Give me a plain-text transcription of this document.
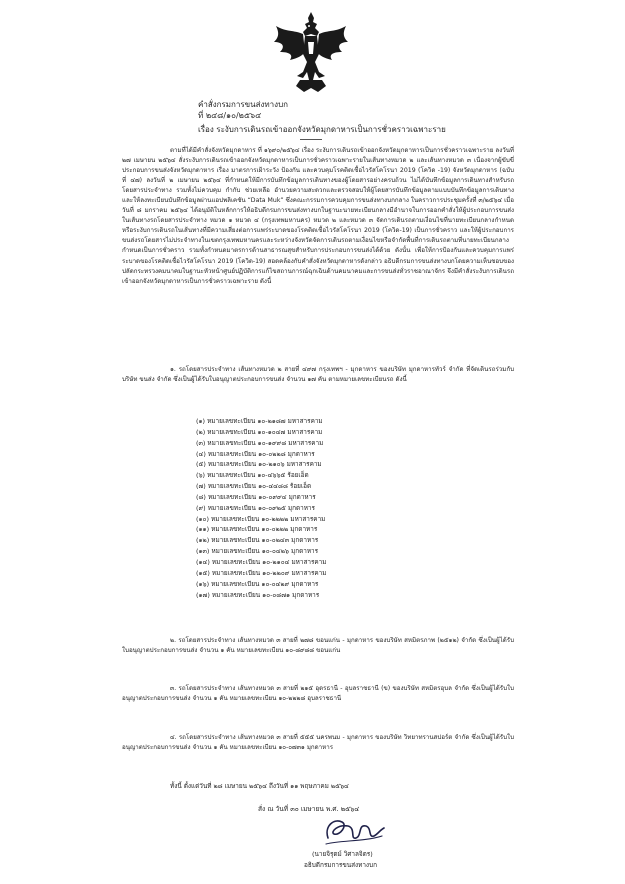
คำสั่งกรมการขนส่งทางบก
ที่ ๒๔๘/๑๐/๒๕๖๔
เรื่อง ระงับการเดินรถเข้าออกจังหวัดมุกดาหารเป็นการชั่วคราวเฉพาะราย
ตามที่ได้มีคำสั่งจังหวัดมุกดาหาร ที่ ๑๖๙๐/๒๕๖๔ เรื่อง ระงับการเดินรถเข้าออกจังหวัดมุกดาหารเป็นการชั่วคราวเฉพาะราย ลงวันที่ ๒๗ เมษายน ๒๕๖๔ สั่งระงับการเดินรถเข้าออกจังหวัดมุกดาหารเป็นการชั่วคราวเฉพาะรายในเส้นทางหมวด ๒ และเส้นทางหมวด ๓ เนื่องจากผู้ขับขี่ประกอบการขนส่งจังหวัดมุกดาหาร เรื่อง มาตรการเฝ้าระวัง ป้องกัน และควบคุมโรคติดเชื้อไวรัสโคโรนา 2019 (โควิด -19) จังหวัดมุกดาหาร (ฉบับที่ ๔๗) ลงวันที่ ๒ เมษายน ๒๕๖๔ ที่กำหนดให้มีการบันทึกข้อมูลการเดินทางของผู้โดยสารอย่างครบถ้วน ไม่ได้บันทึกข้อมูลการเดินทางสำหรับรถโดยสารประจำทาง รวมทั้งไม่ควบคุม กำกับ ช่วยเหลือ อำนวยความสะดวกและตรวจสอบให้ผู้โดยสารบันทึกข้อมูลตามแบบบันทึกข้อมูลการเดินทาง และให้ลงทะเบียนบันทึกข้อมูลผ่านแอปพลิเคชัน “Data Muk” ซึ่งคณะกรรมการควบคุมการขนส่งทางบกกลาง ในคราวการประชุมครั้งที่ ๓/๒๕๖๔ เมื่อวันที่ ๘ มกราคม ๒๕๖๔ ได้อนุมัติในหลักการให้อธิบดีกรมการขนส่งทางบกในฐานะนายทะเบียนกลางมีอำนาจในการออกคำสั่งให้ผู้ประกอบการขนส่งในเส้นทางรถโดยสารประจำทาง หมวด ๑ หมวด ๔ (กรุงเทพมหานคร) หมวด ๒ และหมวด ๓ จัดการเดินรถตามเงื่อนไขที่นายทะเบียนกลางกำหนดหรือระงับการเดินรถในเส้นทางที่มีความเสี่ยงต่อการแพร่ระบาดของโรคติดเชื้อไวรัสโคโรนา 2019 (โควิด-19) เป็นการชั่วคราว และให้ผู้ประกอบการขนส่งรถโดยสารไม่ประจำทางในเขตกรุงเทพมหานครและระหว่างจังหวัดจัดการเดินรถตามเงื่อนไขหรือจำกัดพื้นที่การเดินรถตามที่นายทะเบียนกลางกำหนดเป็นการชั่วคราว รวมทั้งกำหนดมาตรการด้านสาธารณสุขสำหรับการประกอบการขนส่งได้ด้วย ดังนั้น เพื่อให้การป้องกันและควบคุมการแพร่ระบาดของโรคติดเชื้อไวรัสโคโรนา 2019 (โควิด-19) สอดคล้องกับคำสั่งจังหวัดมุกดาหารดังกล่าว อธิบดีกรมการขนส่งทางบกโดยความเห็นชอบของปลัดกระทรวงคมนาคมในฐานะหัวหน้าศูนย์ปฏิบัติการแก้ไขสถานการณ์ฉุกเฉินด้านคมนาคมและการขนส่งทั่วราชอาณาจักร จึงมีคำสั่งระงับการเดินรถเข้าออกจังหวัดมุกดาหารเป็นการชั่วคราวเฉพาะราย ดังนี้
๑. รถโดยสารประจำทาง เส้นทางหมวด ๒ สายที่ ๔๙๗ กรุงเทพฯ - มุกดาหาร ของบริษัท มุกดาหารทัวร์ จำกัด ที่จัดเดินรถร่วมกับบริษัท ขนส่ง จำกัด ซึ่งเป็นผู้ได้รับใบอนุญาตประกอบการขนส่ง จำนวน ๑๗ คัน ตามหมายเลขทะเบียนรถ ดังนี้
(๑) หมายเลขทะเบียน ๑๐-๒๑๘๗ มหาสารคาม
(๒) หมายเลขทะเบียน ๑๐-๑๐๔๗ มหาสารคาม
(๓) หมายเลขทะเบียน ๑๐-๑๙๙๘ มหาสารคาม
(๔) หมายเลขทะเบียน ๑๐-๐๒๒๘ มุกดาหาร
(๕) หมายเลขทะเบียน ๑๐-๒๑๐๖ มหาสารคาม
(๖) หมายเลขทะเบียน ๑๐-๔๖๖๕ ร้อยเอ็ด
(๗) หมายเลขทะเบียน ๑๐-๔๔๘๘ ร้อยเอ็ด
(๘) หมายเลขทะเบียน ๑๐-๐๙๙๔ มุกดาหาร
(๙) หมายเลขทะเบียน ๑๐-๐๙๒๕ มุกดาหาร
(๑๐) หมายเลขทะเบียน ๑๐-๒๒๒๒ มหาสารคาม
(๑๑) หมายเลขทะเบียน ๑๐-๐๒๒๒ มุกดาหาร
(๑๒) หมายเลขทะเบียน ๑๐-๐๒๔๓ มุกดาหาร
(๑๓) หมายเลขทะเบียน ๑๐-๐๔๒๖ มุกดาหาร
(๑๔) หมายเลขทะเบียน ๑๐-๒๑๐๔ มหาสารคาม
(๑๕) หมายเลขทะเบียน ๑๐-๒๒๐๙ มหาสารคาม
(๑๖) หมายเลขทะเบียน ๑๐-๐๔๒๙ มุกดาหาร
(๑๗) หมายเลขทะเบียน ๑๐-๐๘๗๑ มุกดาหาร
๒. รถโดยสารประจำทาง เส้นทางหมวด ๓ สายที่ ๒๗๘ ขอนแก่น - มุกดาหาร ของบริษัท สหมิตรภาพ (๒๕๑๒) จำกัด ซึ่งเป็นผู้ได้รับใบอนุญาตประกอบการขนส่ง จำนวน ๑ คัน หมายเลขทะเบียน ๑๐-๘๙๘๘ ขอนแก่น
๓. รถโดยสารประจำทาง เส้นทางหมวด ๓ สายที่ ๒๑๕ อุดรธานี - อุบลราชธานี (ข) ของบริษัท สหมิตรอุบล จำกัด ซึ่งเป็นผู้ได้รับใบอนุญาตประกอบการขนส่ง จำนวน ๑ คัน หมายเลขทะเบียน ๑๐-๒๒๒๘ อุบลราชธานี
๔. รถโดยสารประจำทาง เส้นทางหมวด ๓ สายที่ ๕๕๕ นครพนม - มุกดาหาร ของบริษัท วิทยาทรานสปอร์ต จำกัด ซึ่งเป็นผู้ได้รับใบอนุญาตประกอบการขนส่ง จำนวน ๑ คัน หมายเลขทะเบียน ๑๐-๐๗๓๑ มุกดาหาร
ทั้งนี้ ตั้งแต่วันที่ ๒๘ เมษายน ๒๕๖๔ ถึงวันที่ ๑๑ พฤษภาคม ๒๕๖๔
สั่ง ณ วันที่ ๓๐ เมษายน พ.ศ. ๒๕๖๔
(นายจิรุตม์ วิศาลจิตร)
อธิบดีกรมการขนส่งทางบก
